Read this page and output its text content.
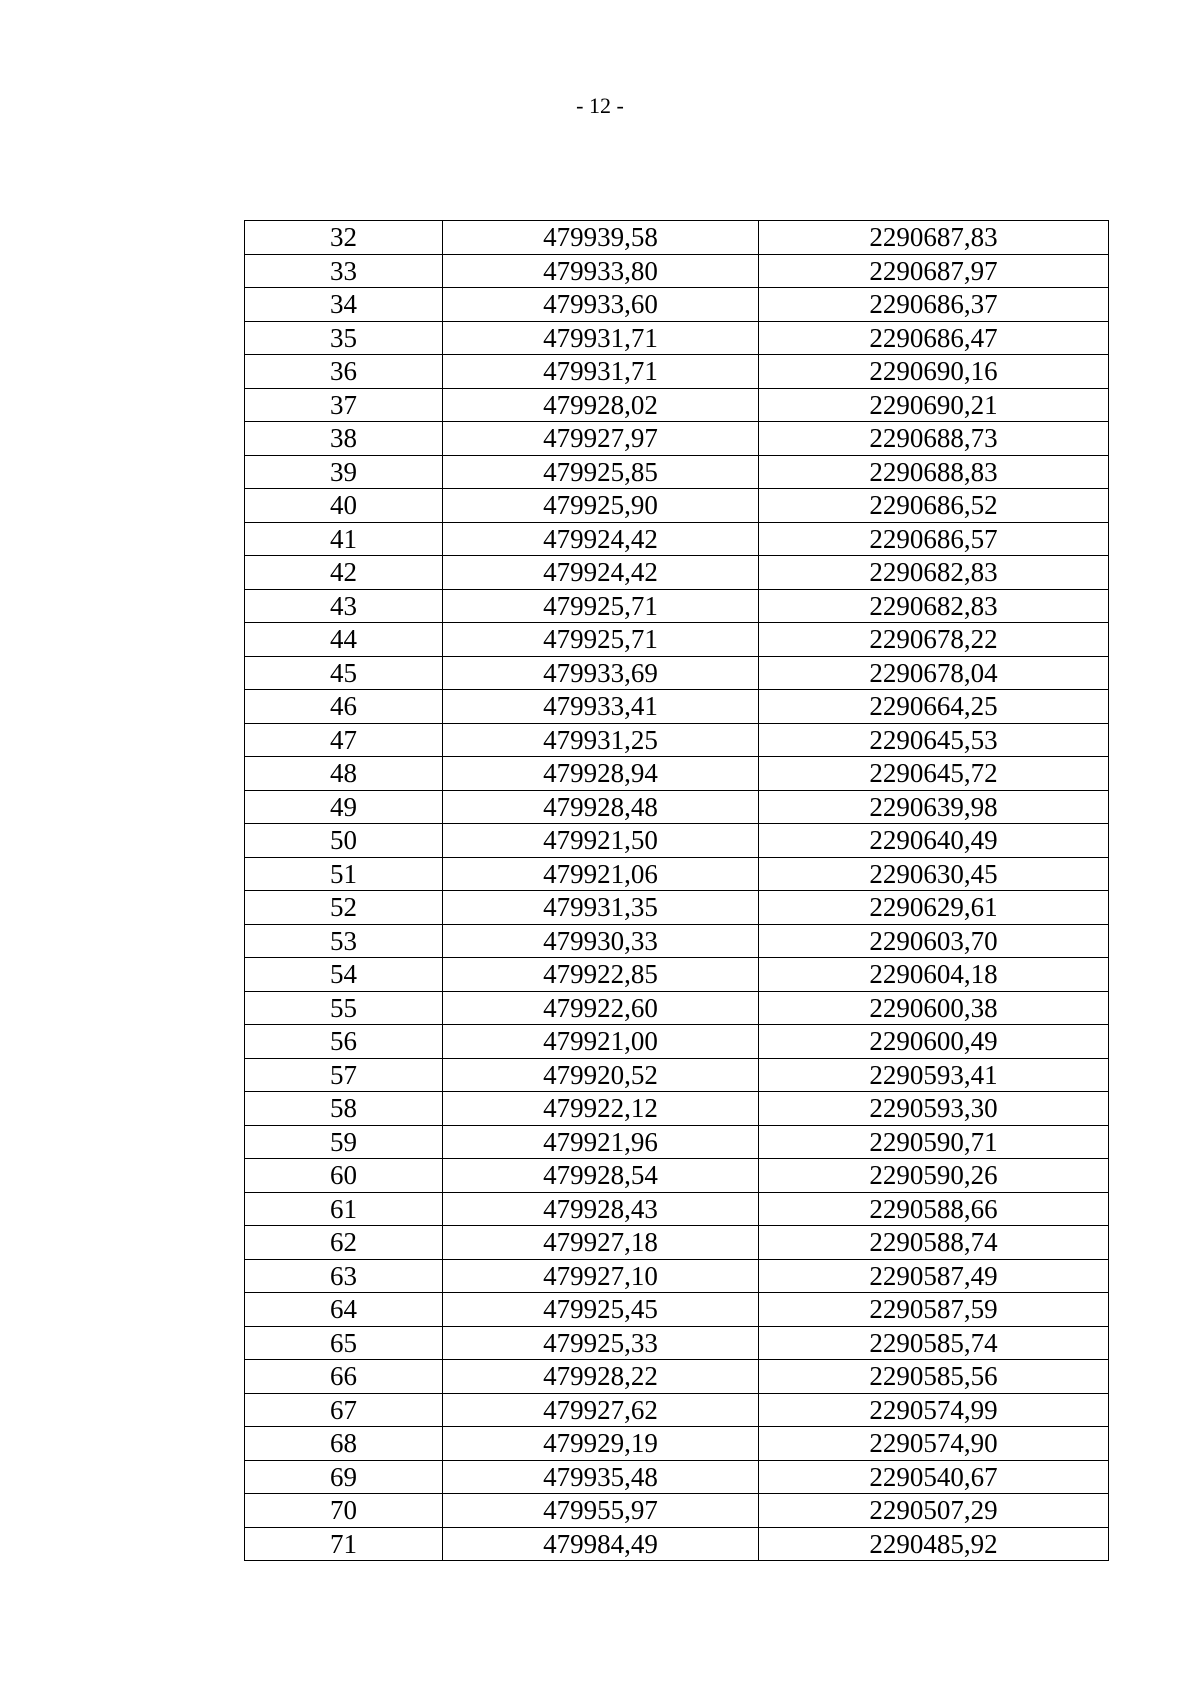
- 12 -
32	479939,58	2290687,83
33	479933,80	2290687,97
34	479933,60	2290686,37
35	479931,71	2290686,47
36	479931,71	2290690,16
37	479928,02	2290690,21
38	479927,97	2290688,73
39	479925,85	2290688,83
40	479925,90	2290686,52
41	479924,42	2290686,57
42	479924,42	2290682,83
43	479925,71	2290682,83
44	479925,71	2290678,22
45	479933,69	2290678,04
46	479933,41	2290664,25
47	479931,25	2290645,53
48	479928,94	2290645,72
49	479928,48	2290639,98
50	479921,50	2290640,49
51	479921,06	2290630,45
52	479931,35	2290629,61
53	479930,33	2290603,70
54	479922,85	2290604,18
55	479922,60	2290600,38
56	479921,00	2290600,49
57	479920,52	2290593,41
58	479922,12	2290593,30
59	479921,96	2290590,71
60	479928,54	2290590,26
61	479928,43	2290588,66
62	479927,18	2290588,74
63	479927,10	2290587,49
64	479925,45	2290587,59
65	479925,33	2290585,74
66	479928,22	2290585,56
67	479927,62	2290574,99
68	479929,19	2290574,90
69	479935,48	2290540,67
70	479955,97	2290507,29
71	479984,49	2290485,92
